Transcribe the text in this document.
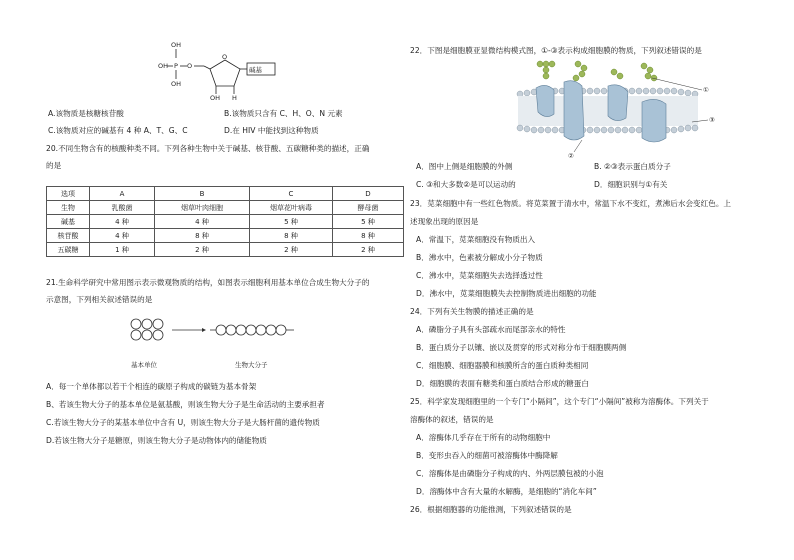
OH
P
OH
OH
O
O
碱基
OH H
A.该物质是核糖核苷酸	B.该物质只含有 C、H、O、N 元素
C.该物质对应的碱基有 4 种 A、T、G、C	D.在 HIV 中能找到这种物质
20.不同生物含有的核酸种类不同。下列各种生物中关于碱基、核苷酸、五碳糖种类的描述，正确
的是
选项	A	B	C	D
生物	乳酸菌	烟草叶肉细胞	烟草花叶病毒	酵母菌
碱基	4 种	4 种	5 种	5 种
核苷酸	4 种	8 种	8 种	8 种
五碳糖	1 种	2 种	2 种	2 种
21.生命科学研究中常用图示表示微观物质的结构，如图表示细胞利用基本单位合成生物大分子的
示意图，下列相关叙述错误的是
基本单位	生物大分子
A．每一个单体都以若干个相连的碳原子构成的碳链为基本骨架
B、若该生物大分子的基本单位是氨基酸，则该生物大分子是生命活动的主要承担者
C.若该生物大分子的某基本单位中含有 U，则该生物大分子是大肠杆菌的遗传物质
D.若该生物大分子是糖原，则该生物大分子是动物体内的储能物质
22．下图是细胞膜亚显微结构模式图，①-③表示构成细胞膜的物质，下列叙述错误的是
①
③
②
A．图中上侧是细胞膜的外侧	B. ②③表示蛋白质分子
C. ③和大多数②是可以运动的	D．细胞识别与①有关
23．苋菜细胞中有一些红色物质。将苋菜置于清水中，常温下水不变红，煮沸后水会变红色。上
述现象出现的原因是
A．常温下，苋菜细胞没有物质出入
B．沸水中，色素被分解成小分子物质
C．沸水中，苋菜细胞失去选择透过性
D．沸水中，苋菜细胞膜失去控制物质进出细胞的功能
24．下列有关生物膜的描述正确的是
A．磷脂分子具有头部疏水而尾部亲水的特性
B．蛋白质分子以镶、嵌以及贯穿的形式对称分布于细胞膜两侧
C．细胞膜、细胞器膜和核膜所含的蛋白质种类相同
D．细胞膜的表面有糖类和蛋白质结合形成的糖蛋白
25．科学家发现细胞里的一个专门“小隔间”，这个专门“小隔间”被称为溶酶体。下列关于
溶酶体的叙述，错误的是
A．溶酶体几乎存在于所有的动物细胞中
B．变形虫吞入的细菌可被溶酶体中酶降解
C．溶酶体是由磷脂分子构成的内、外两层膜包被的小泡
D．溶酶体中含有大量的水解酶，是细胞的“消化车间”
26．根据细胞器的功能推测，下列叙述错误的是
